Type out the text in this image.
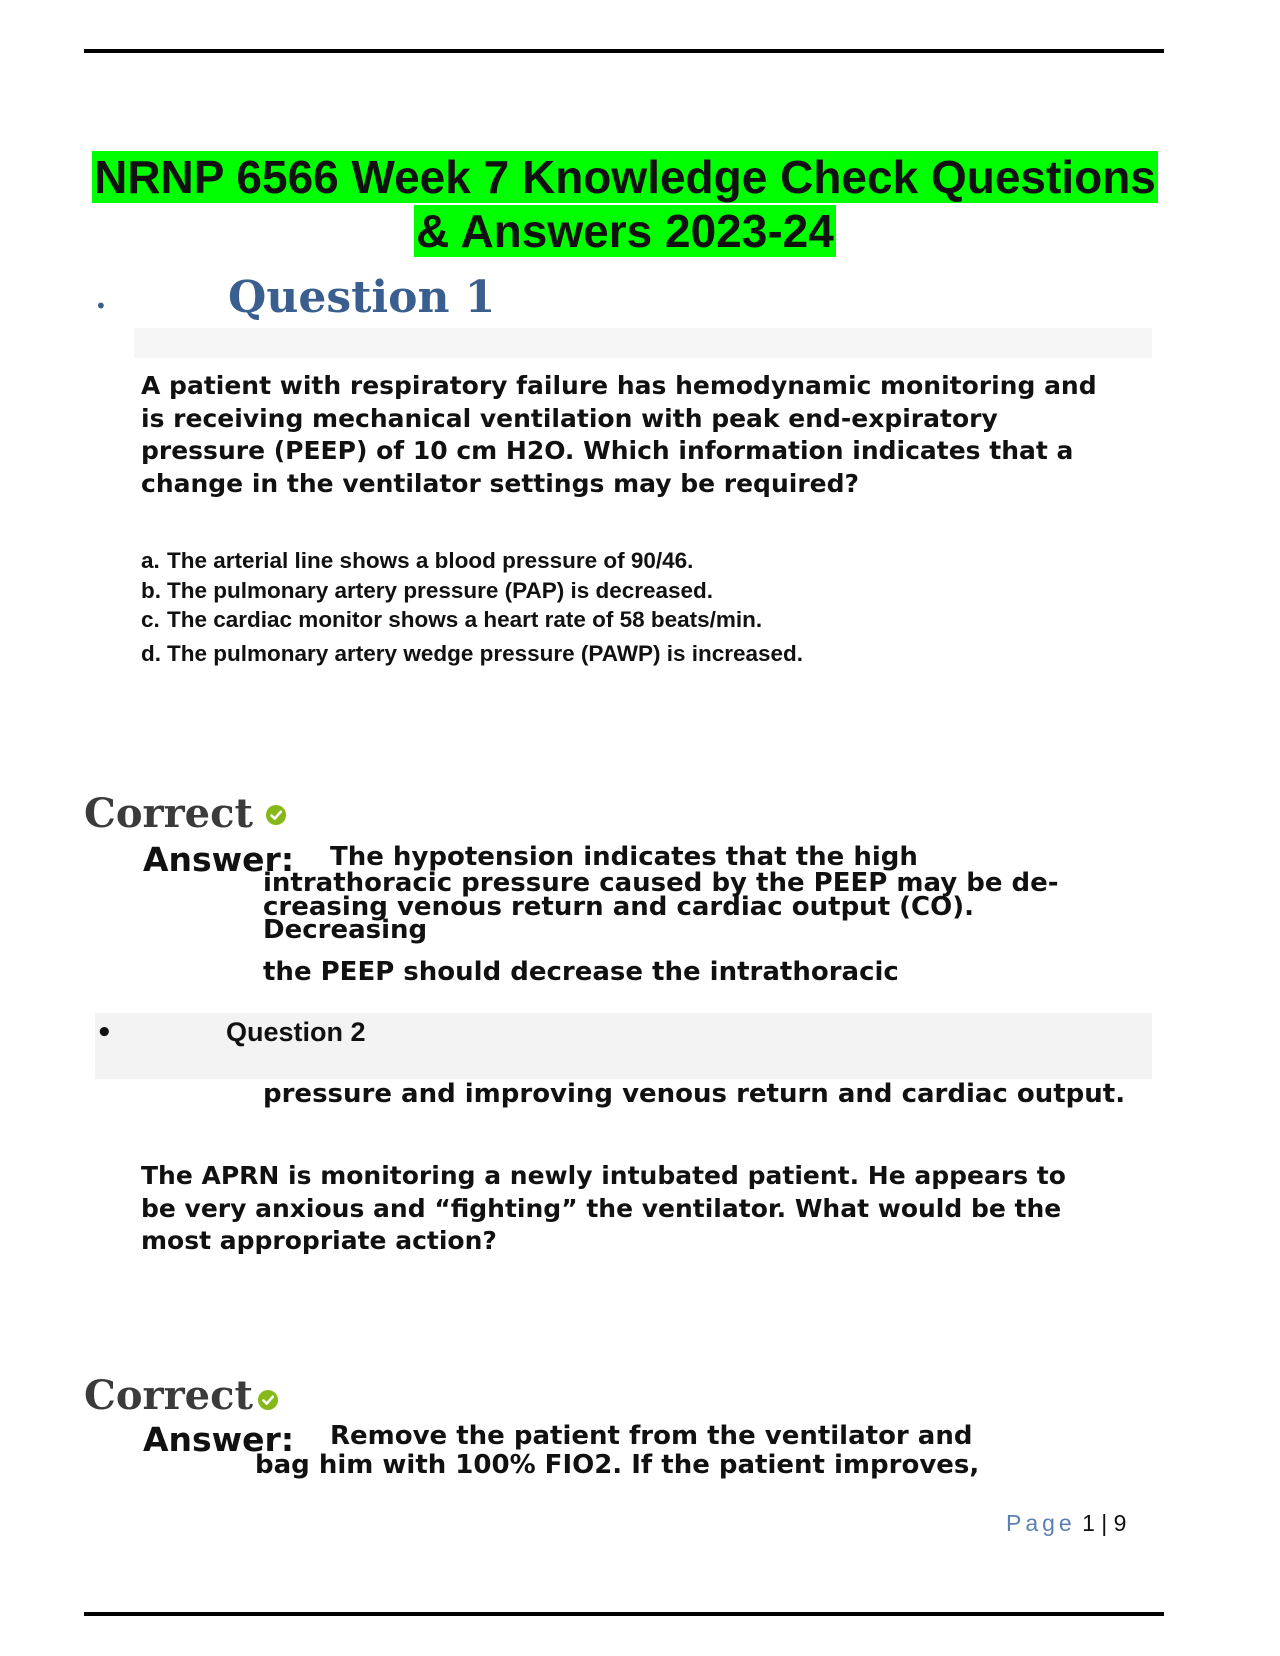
NRNP 6566 Week 7 Knowledge Check Questions
& Answers 2023-24
•	Question 1
A patient with respiratory failure has hemodynamic monitoring and is receiving mechanical ventilation with peak end-expiratory pressure (PEEP) of 10 cm H2O. Which information indicates that a change in the ventilator settings may be required?
a. The arterial line shows a blood pressure of 90/46.
b. The pulmonary artery pressure (PAP) is decreased.
c. The cardiac monitor shows a heart rate of 58 beats/min.
d. The pulmonary artery wedge pressure (PAWP) is increased.
Correct
Answer: The hypotension indicates that the high
intrathoracic pressure caused by the PEEP may be de-creasing venous return and cardiac output (CO). Decreasing
the PEEP should decrease the intrathoracic
•	Question 2
pressure and improving venous return and cardiac output.
The APRN is monitoring a newly intubated patient. He appears to be very anxious and “fighting” the ventilator. What would be the most appropriate action?
Correct
Answer: Remove the patient from the ventilator and
bag him with 100% FIO2. If the patient improves,
Page 1 | 9
